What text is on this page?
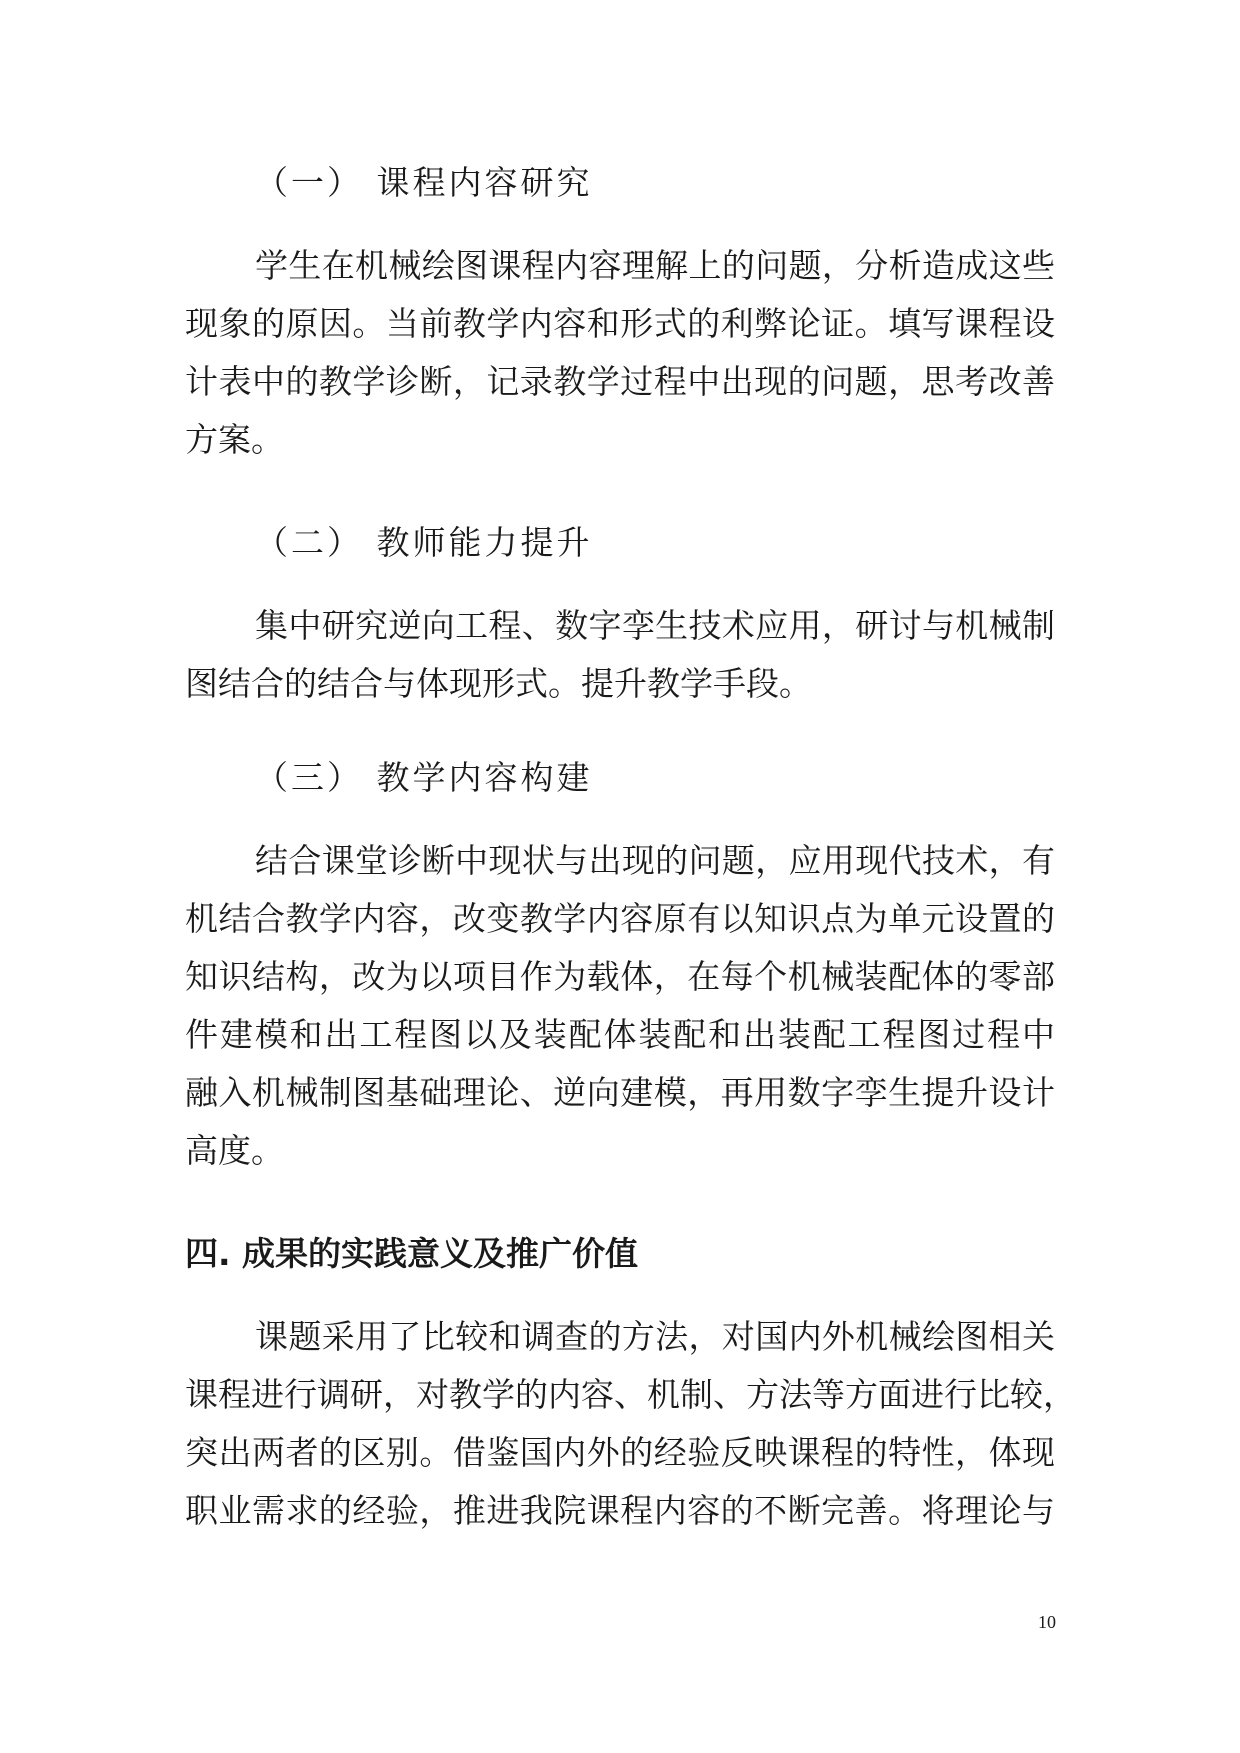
（一） 课程内容研究
学生在机械绘图课程内容理解上的问题，分析造成这些
现象的原因。当前教学内容和形式的利弊论证。填写课程设
计表中的教学诊断，记录教学过程中出现的问题，思考改善
方案。
（二） 教师能力提升
集中研究逆向工程、数字孪生技术应用，研讨与机械制
图结合的结合与体现形式。提升教学手段。
（三） 教学内容构建
结合课堂诊断中现状与出现的问题，应用现代技术，有
机结合教学内容，改变教学内容原有以知识点为单元设置的
知识结构，改为以项目作为载体，在每个机械装配体的零部
件建模和出工程图以及装配体装配和出装配工程图过程中
融入机械制图基础理论、逆向建模，再用数字孪生提升设计
高度。
四. 成果的实践意义及推广价值
课题采用了比较和调查的方法，对国内外机械绘图相关
课程进行调研，对教学的内容、机制、方法等方面进行比较，
突出两者的区别。借鉴国内外的经验反映课程的特性，体现
职业需求的经验，推进我院课程内容的不断完善。将理论与
10
